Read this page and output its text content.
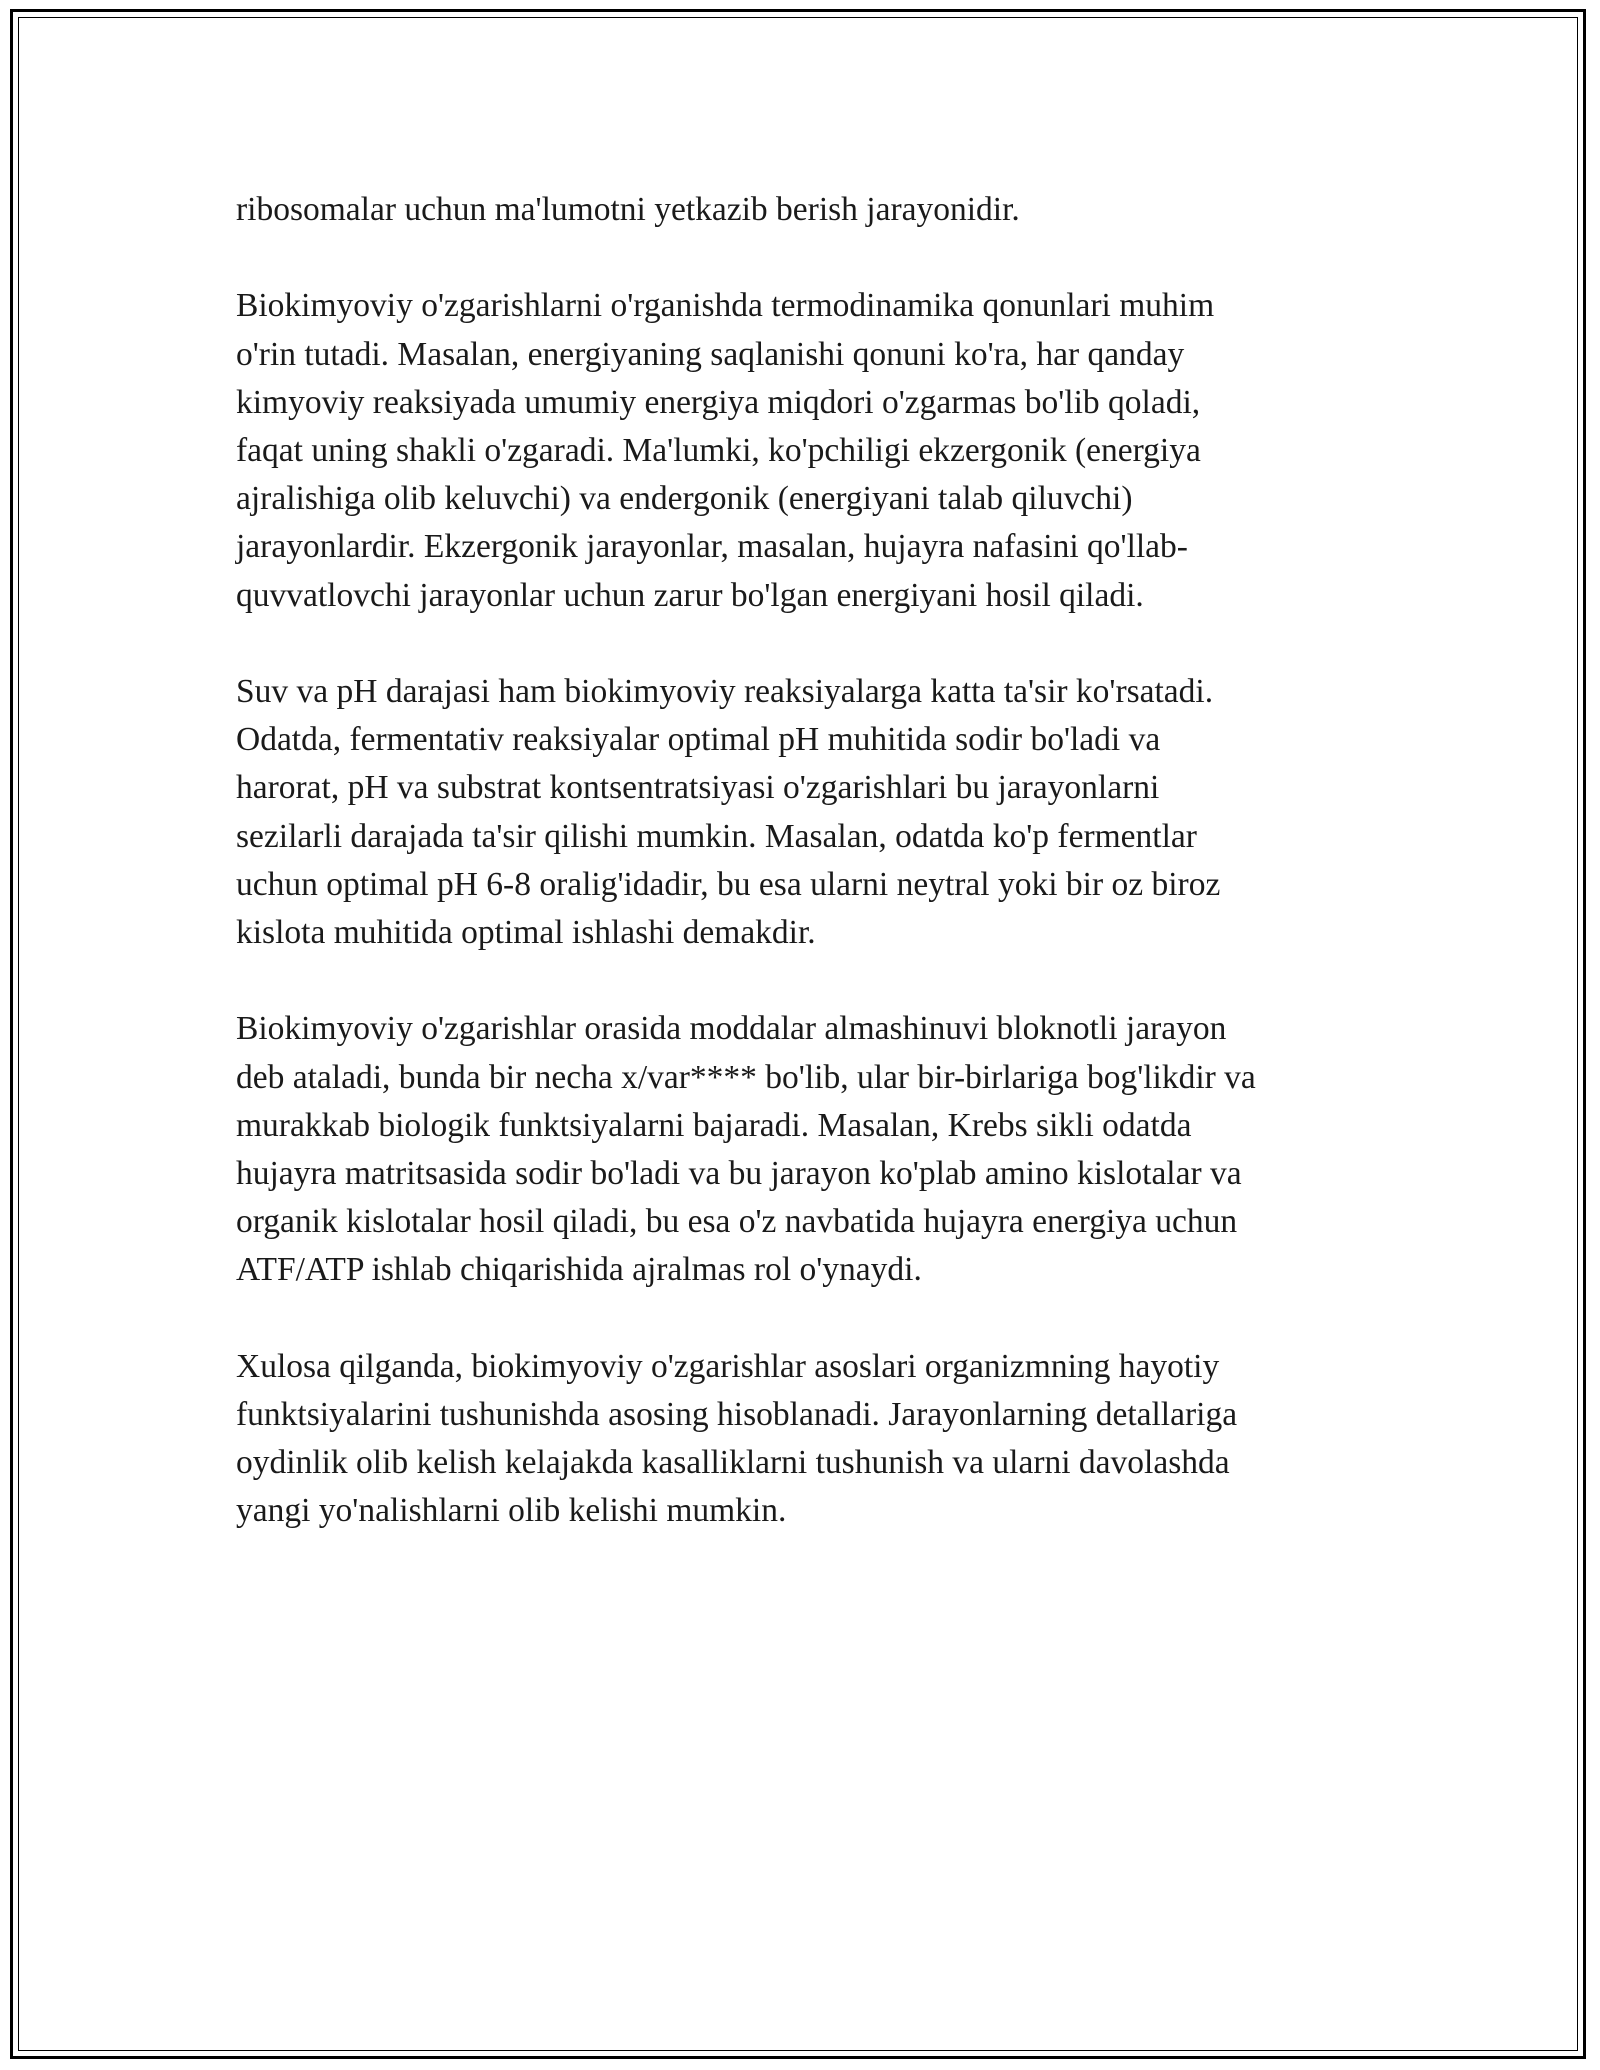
ribosomalar uchun ma'lumotni yetkazib berish jarayonidir.

Biokimyoviy o'zgarishlarni o'rganishda termodinamika qonunlari muhim
o'rin tutadi. Masalan, energiyaning saqlanishi qonuni ko'ra, har qanday
kimyoviy reaksiyada umumiy energiya miqdori o'zgarmas bo'lib qoladi,
faqat uning shakli o'zgaradi. Ma'lumki, ko'pchiligi ekzergonik (energiya
ajralishiga olib keluvchi) va endergonik (energiyani talab qiluvchi)
jarayonlardir. Ekzergonik jarayonlar, masalan, hujayra nafasini qo'llab-
quvvatlovchi jarayonlar uchun zarur bo'lgan energiyani hosil qiladi.

Suv va pH darajasi ham biokimyoviy reaksiyalarga katta ta'sir ko'rsatadi.
Odatda, fermentativ reaksiyalar optimal pH muhitida sodir bo'ladi va
harorat, pH va substrat kontsentratsiyasi o'zgarishlari bu jarayonlarni
sezilarli darajada ta'sir qilishi mumkin. Masalan, odatda ko'p fermentlar
uchun optimal pH 6-8 oralig'idadir, bu esa ularni neytral yoki bir oz biroz
kislota muhitida optimal ishlashi demakdir.

Biokimyoviy o'zgarishlar orasida moddalar almashinuvi bloknotli jarayon
deb ataladi, bunda bir necha x/var**** bo'lib, ular bir-birlariga bog'likdir va
murakkab biologik funktsiyalarni bajaradi. Masalan, Krebs sikli odatda
hujayra matritsasida sodir bo'ladi va bu jarayon ko'plab amino kislotalar va
organik kislotalar hosil qiladi, bu esa o'z navbatida hujayra energiya uchun
ATF/ATP ishlab chiqarishida ajralmas rol o'ynaydi.

Xulosa qilganda, biokimyoviy o'zgarishlar asoslari organizmning hayotiy
funktsiyalarini tushunishda asosing hisoblanadi. Jarayonlarning detallariga
oydinlik olib kelish kelajakda kasalliklarni tushunish va ularni davolashda
yangi yo'nalishlarni olib kelishi mumkin.
